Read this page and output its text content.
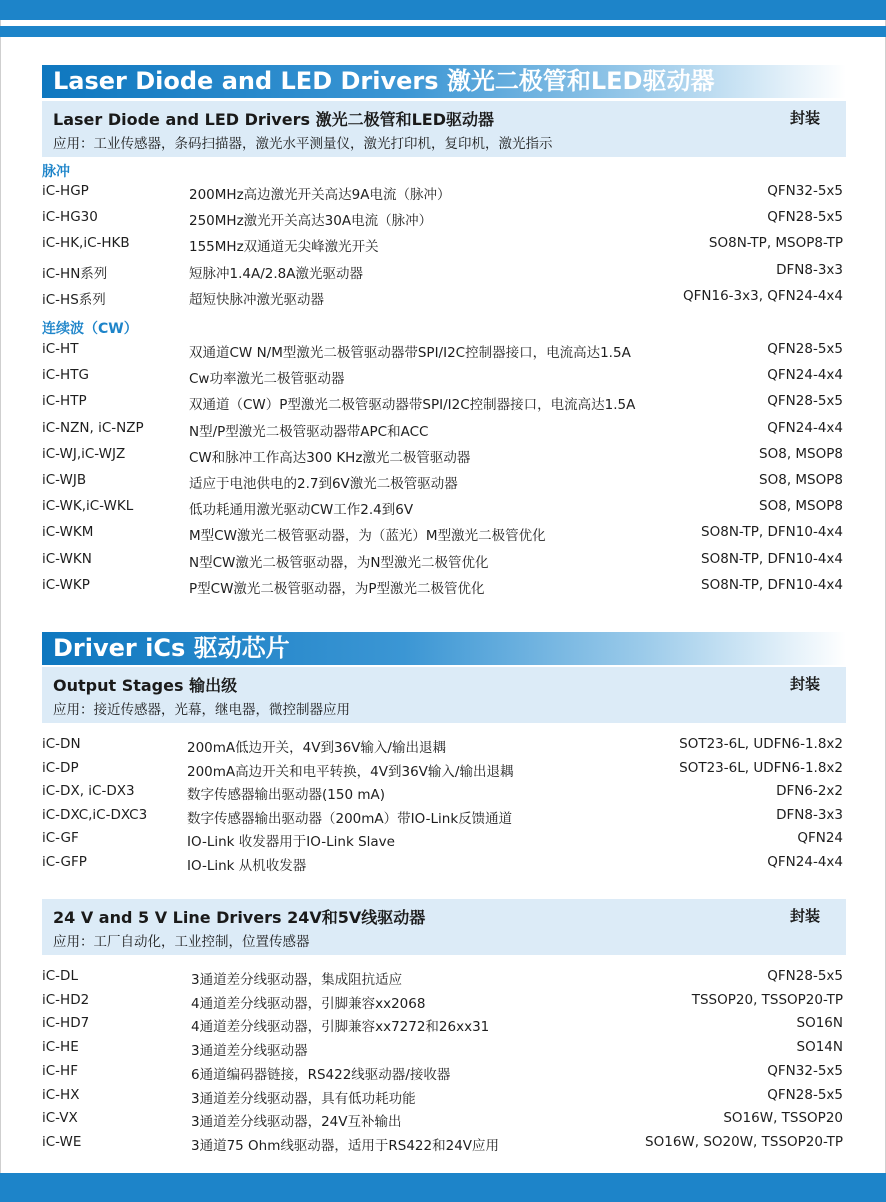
Laser Diode and LED Drivers 激光二极管和LED驱动器
Laser Diode and LED Drivers 激光二极管和LED驱动器	封装
应用：工业传感器，条码扫描器，激光水平测量仪，激光打印机，复印机，激光指示
脉冲
iC-HGP	200MHz高边激光开关高达9A电流（脉冲）	QFN32-5x5
iC-HG30	250MHz激光开关高达30A电流（脉冲）	QFN28-5x5
iC-HK,iC-HKB	155MHz双通道无尖峰激光开关	SO8N-TP, MSOP8-TP
iC-HN系列	短脉冲1.4A/2.8A激光驱动器	DFN8-3x3
iC-HS系列	超短快脉冲激光驱动器	QFN16-3x3, QFN24-4x4
连续波（CW）
iC-HT	双通道CW N/M型激光二极管驱动器带SPI/I2C控制器接口，电流高达1.5A	QFN28-5x5
iC-HTG	Cw功率激光二极管驱动器	QFN24-4x4
iC-HTP	双通道（CW）P型激光二极管驱动器带SPI/I2C控制器接口，电流高达1.5A	QFN28-5x5
iC-NZN, iC-NZP	N型/P型激光二极管驱动器带APC和ACC	QFN24-4x4
iC-WJ,iC-WJZ	CW和脉冲工作高达300 KHz激光二极管驱动器	SO8, MSOP8
iC-WJB	适应于电池供电的2.7到6V激光二极管驱动器	SO8, MSOP8
iC-WK,iC-WKL	低功耗通用激光驱动CW工作2.4到6V	SO8, MSOP8
iC-WKM	M型CW激光二极管驱动器，为（蓝光）M型激光二极管优化	SO8N-TP, DFN10-4x4
iC-WKN	N型CW激光二极管驱动器，为N型激光二极管优化	SO8N-TP, DFN10-4x4
iC-WKP	P型CW激光二极管驱动器，为P型激光二极管优化	SO8N-TP, DFN10-4x4
Driver iCs 驱动芯片
Output Stages 输出级	封装
应用：接近传感器，光幕，继电器，微控制器应用
iC-DN	200mA低边开关，4V到36V输入/输出退耦	SOT23-6L, UDFN6-1.8x2
iC-DP	200mA高边开关和电平转换，4V到36V输入/输出退耦	SOT23-6L, UDFN6-1.8x2
iC-DX, iC-DX3	数字传感器输出驱动器(150 mA)	DFN6-2x2
iC-DXC,iC-DXC3	数字传感器输出驱动器（200mA）带IO-Link反馈通道	DFN8-3x3
iC-GF	IO-Link 收发器用于IO-Link Slave	QFN24
iC-GFP	IO-Link 从机收发器	QFN24-4x4
24 V and 5 V Line Drivers 24V和5V线驱动器	封装
应用：工厂自动化，工业控制，位置传感器
iC-DL	3通道差分线驱动器，集成阻抗适应	QFN28-5x5
iC-HD2	4通道差分线驱动器，引脚兼容xx2068	TSSOP20, TSSOP20-TP
iC-HD7	4通道差分线驱动器，引脚兼容xx7272和26xx31	SO16N
iC-HE	3通道差分线驱动器	SO14N
iC-HF	6通道编码器链接，RS422线驱动器/接收器	QFN32-5x5
iC-HX	3通道差分线驱动器，具有低功耗功能	QFN28-5x5
iC-VX	3通道差分线驱动器，24V互补输出	SO16W, TSSOP20
iC-WE	3通道75 Ohm线驱动器，适用于RS422和24V应用	SO16W, SO20W, TSSOP20-TP
